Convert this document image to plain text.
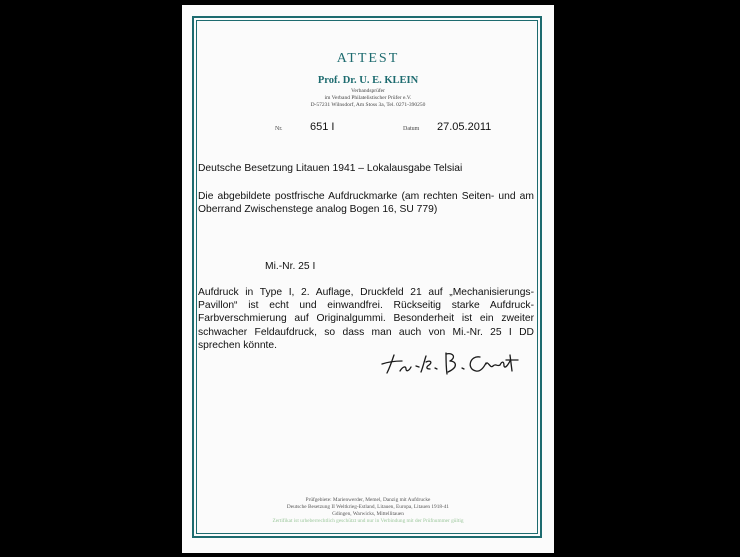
ATTEST
Prof. Dr. U. E. KLEIN
Verbandsprüfer
im Verband Philatelistischer Prüfer e.V.
D-57231 Wilnsdorf, Am Stoss 3a, Tel. 0271-390250
Nr.	651 I	Datum 27.05.2011
Deutsche Besetzung Litauen 1941 – Lokalausgabe Telsiai
Die abgebildete postfrische Aufdruckmarke (am rechten Seiten- und am Oberrand Zwischenstege analog Bogen 16, SU 779)
Mi.-Nr. 25 I
Aufdruck in Type I, 2. Auflage, Druckfeld 21 auf „Mechanisierungs-Pavillon“ ist echt und einwandfrei. Rückseitig starke Aufdruck-Farbverschmierung auf Originalgummi. Besonderheit ist ein zweiter schwacher Feldaufdruck, so dass man auch von Mi.-Nr. 25 I DD sprechen könnte.
Prüfgebiete: Marienwerder, Memel, Danzig mit Aufdrucke
Deutsche Besetzung II Weltkrieg-Estland, Litauen, Europa, Litauen 1918-41
Gdingen, Warwicks, Mittellitauen
Zertifikat ist urheberrechtlich geschützt und nur in Verbindung mit der Prüfnummer gültig
